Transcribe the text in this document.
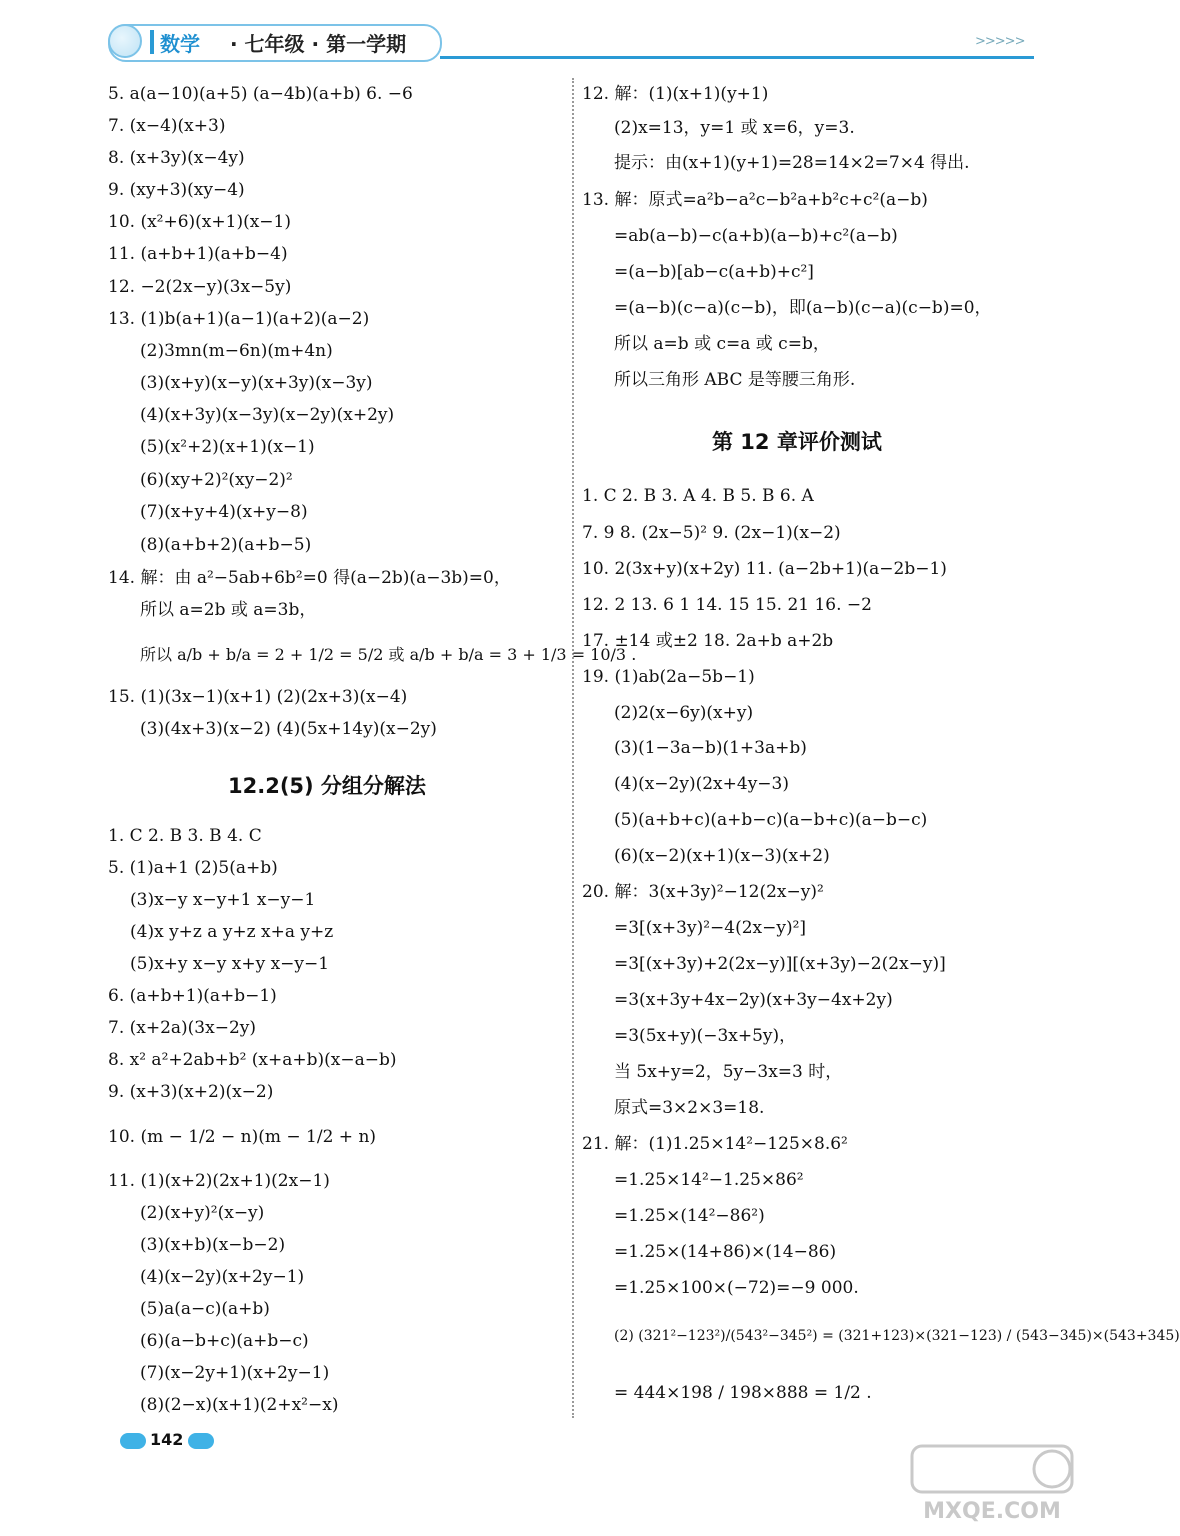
数学 · 七年级 · 第一学期	>>>>>
5. a(a−10)(a+5) (a−4b)(a+b) 6. −6
7. (x−4)(x+3)
8. (x+3y)(x−4y)
9. (xy+3)(xy−4)
10. (x²+6)(x+1)(x−1)
11. (a+b+1)(a+b−4)
12. −2(2x−y)(3x−5y)
13. (1)b(a+1)(a−1)(a+2)(a−2)
(2)3mn(m−6n)(m+4n)
(3)(x+y)(x−y)(x+3y)(x−3y)
(4)(x+3y)(x−3y)(x−2y)(x+2y)
(5)(x²+2)(x+1)(x−1)
(6)(xy+2)²(xy−2)²
(7)(x+y+4)(x+y−8)
(8)(a+b+2)(a+b−5)
14. 解：由 a²−5ab+6b²=0 得(a−2b)(a−3b)=0，
所以 a=2b 或 a=3b，
所以 a/b + b/a = 2 + 1/2 = 5/2 或 a/b + b/a = 3 + 1/3 = 10/3 .
15. (1)(3x−1)(x+1) (2)(2x+3)(x−4)
(3)(4x+3)(x−2) (4)(5x+14y)(x−2y)
12.2(5) 分组分解法
1. C 2. B 3. B 4. C
5. (1)a+1 (2)5(a+b)
(3)x−y x−y+1 x−y−1
(4)x y+z a y+z x+a y+z
(5)x+y x−y x+y x−y−1
6. (a+b+1)(a+b−1)
7. (x+2a)(3x−2y)
8. x² a²+2ab+b² (x+a+b)(x−a−b)
9. (x+3)(x+2)(x−2)
10. (m − 1/2 − n)(m − 1/2 + n)
11. (1)(x+2)(2x+1)(2x−1)
(2)(x+y)²(x−y)
(3)(x+b)(x−b−2)
(4)(x−2y)(x+2y−1)
(5)a(a−c)(a+b)
(6)(a−b+c)(a+b−c)
(7)(x−2y+1)(x+2y−1)
(8)(2−x)(x+1)(2+x²−x)
12. 解：(1)(x+1)(y+1)
(2)x=13，y=1 或 x=6，y=3.
提示：由(x+1)(y+1)=28=14×2=7×4 得出.
13. 解：原式=a²b−a²c−b²a+b²c+c²(a−b)
=ab(a−b)−c(a+b)(a−b)+c²(a−b)
=(a−b)[ab−c(a+b)+c²]
=(a−b)(c−a)(c−b)，即(a−b)(c−a)(c−b)=0，
所以 a=b 或 c=a 或 c=b，
所以三角形 ABC 是等腰三角形.
第 12 章评价测试
1. C 2. B 3. A 4. B 5. B 6. A
7. 9 8. (2x−5)² 9. (2x−1)(x−2)
10. 2(3x+y)(x+2y) 11. (a−2b+1)(a−2b−1)
12. 2 13. 6 1 14. 15 15. 21 16. −2
17. ±14 或±2 18. 2a+b a+2b
19. (1)ab(2a−5b−1)
(2)2(x−6y)(x+y)
(3)(1−3a−b)(1+3a+b)
(4)(x−2y)(2x+4y−3)
(5)(a+b+c)(a+b−c)(a−b+c)(a−b−c)
(6)(x−2)(x+1)(x−3)(x+2)
20. 解：3(x+3y)²−12(2x−y)²
=3[(x+3y)²−4(2x−y)²]
=3[(x+3y)+2(2x−y)][(x+3y)−2(2x−y)]
=3(x+3y+4x−2y)(x+3y−4x+2y)
=3(5x+y)(−3x+5y)，
当 5x+y=2，5y−3x=3 时，
原式=3×2×3=18.
21. 解：(1)1.25×14²−125×8.6²
=1.25×14²−1.25×86²
=1.25×(14²−86²)
=1.25×(14+86)×(14−86)
=1.25×100×(−72)=−9 000.
(2) (321²−123²)/(543²−345²) = (321+123)×(321−123) / (543−345)×(543+345)
= 444×198 / 198×888 = 1/2 .
142
MXQE.COM
